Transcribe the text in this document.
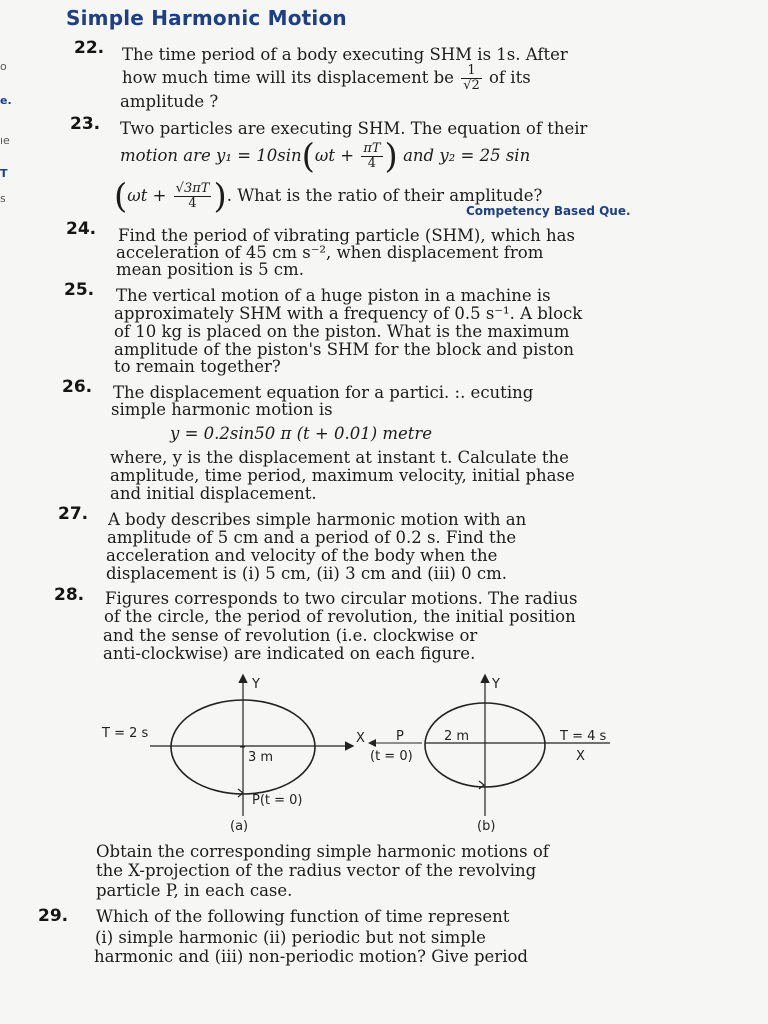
o
e.
ıe
T
s
Simple Harmonic Motion
22. The time period of a body executing SHM is 1s. After
how much time will its displacement be $\frac{1}{√2}$ of its
amplitude ?
23. Two particles are executing SHM. The equation of their
motion are $y_1 = 10\sin(\omega t + \frac{\pi T}{4}$ ) and y₂ = 25 sin
($\omega t + \frac{√3\pi T}{4}$ ). What is the ratio of their amplitude?
Competency Based Que.
24. Find the period of vibrating particle (SHM), which has
acceleration of 45 cm s⁻², when displacement from
mean position is 5 cm.
25. The vertical motion of a huge piston in a machine is
approximately SHM with a frequency of 0.5 s⁻¹. A block
of 10 kg is placed on the piston. What is the maximum
amplitude of the piston's SHM for the block and piston
to remain together?
26. The displacement equation for a partici. :. ecuting
simple harmonic motion is
y = 0.2sin50 π (t + 0.01) metre
where, y is the displacement at instant t. Calculate the
amplitude, time period, maximum velocity, initial phase
and initial displacement.
27. A body describes simple harmonic motion with an
amplitude of 5 cm and a period of 0.2 s. Find the
acceleration and velocity of the body when the
displacement is (i) 5 cm, (ii) 3 cm and (iii) 0 cm.
28. Figures corresponds to two circular motions. The radius
of the circle, the period of revolution, the initial position
and the sense of revolution (i.e. clockwise or
anti-clockwise) are indicated on each figure.
Y
X
T = 2 s
3 m
P(t = 0)
(a)
Y
X
T = 4 s
2 m
P
(t = 0)
(b)
Obtain the corresponding simple harmonic motions of
the X-projection of the radius vector of the revolving
particle P, in each case.
29. Which of the following function of time represent
(i) simple harmonic (ii) periodic but not simple
harmonic and (iii) non-periodic motion? Give period
